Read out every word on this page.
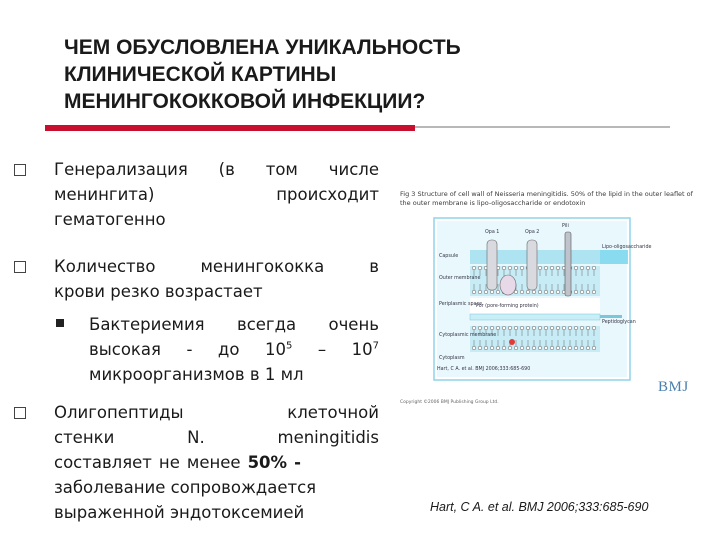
ЧЕМ ОБУСЛОВЛЕНА УНИКАЛЬНОСТЬ
КЛИНИЧЕСКОЙ КАРТИНЫ
МЕНИНГОКОККОВОЙ ИНФЕКЦИИ?
Генерализация (в том числе
менингита)	происходит
гематогенно
Количество	менингококка	в
крови резко возрастает
Бактериемия всегда очень
высокая - до $10^5 - 10^7$
микроорганизмов в 1 мл
Олигопептиды	клеточной
стенки	N.	meningitidis
составляет не менее 50% -
заболевание сопровождается
выраженной эндотоксемией
Fig 3 Structure of cell wall of Neisseria meningitidis. 50% of the lipid in the outer leaflet of the outer membrane is lipo-oligosaccharide or endotoxin
Capsule
Outer membrane
Periplasmic space
Cytoplasmic membrane
Cytoplasm
Lipo-oligosaccharide
Peptidoglycan
Opa 1	Opa 2
Pili
Por (pore-forming protein)
Hart, C A. et al. BMJ 2006;333:685-690
BMJ
Copyright ©2006 BMJ Publishing Group Ltd.
Hart, C A. et al. BMJ 2006;333:685-690
